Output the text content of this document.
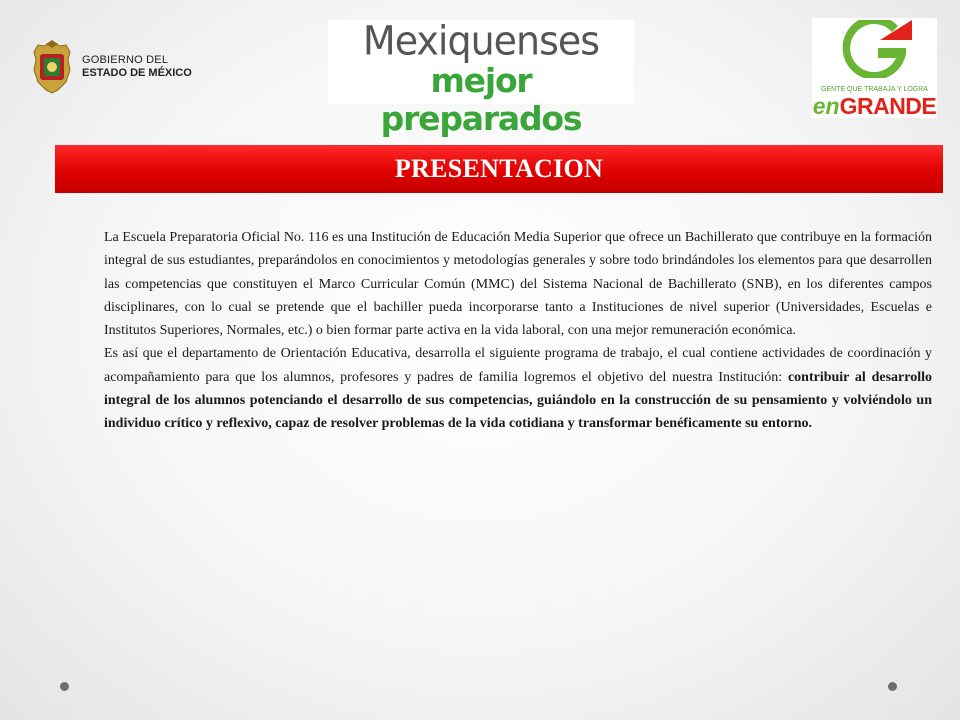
GOBIERNO DEL
ESTADO DE MÉXICO
Mexiquenses
mejor preparados
GENTE QUE TRABAJA Y LOGRA
enGRANDE
PRESENTACION

La Escuela Preparatoria Oficial No. 116 es una Institución de Educación Media Superior que ofrece un Bachillerato que contribuye en la formación integral de sus estudiantes, preparándolos en conocimientos y metodologías generales y sobre todo brindándoles los elementos para que desarrollen las competencias que constituyen el Marco Curricular Común (MMC) del Sistema Nacional de Bachillerato (SNB), en los diferentes campos disciplinares, con lo cual se pretende que el bachiller pueda incorporarse tanto a Instituciones de nivel superior (Universidades, Escuelas e Institutos Superiores, Normales, etc.) o bien formar parte activa en la vida laboral, con una mejor remuneración económica.

Es así que el departamento de Orientación Educativa, desarrolla el siguiente programa de trabajo, el cual contiene actividades de coordinación y acompañamiento para que los alumnos, profesores y padres de familia logremos el objetivo del nuestra Institución: contribuir al desarrollo integral de los alumnos potenciando el desarrollo de sus competencias, guiándolo en la construcción de su pensamiento y volviéndolo un individuo crítico y reflexivo, capaz de resolver problemas de la vida cotidiana y transformar benéficamente su entorno.
